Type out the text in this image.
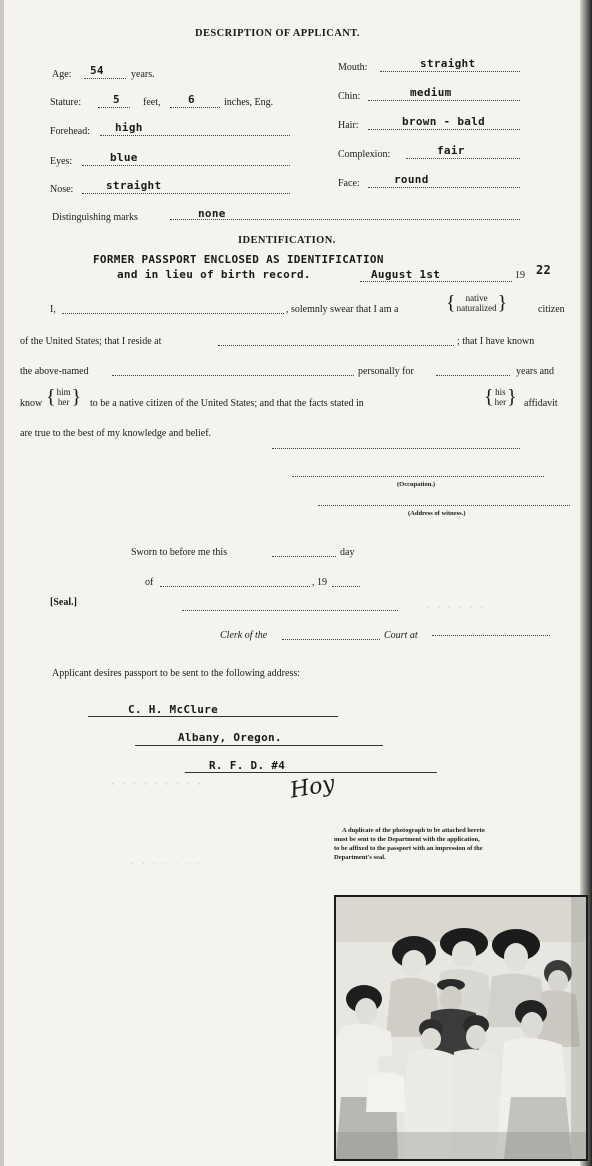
DESCRIPTION OF APPLICANT.
Age: 54	years.
Stature:	5 feet,	6	inches, Eng.
Forehead: high
Eyes:	blue
Nose:	straight
Mouth:	straight
Chin:	medium
Hair:	brown - bald
Complexion:	fair
Face:	round
Distinguishing marks	none
IDENTIFICATION.
FORMER PASSPORT ENCLOSED AS IDENTIFICATION
and in lieu of birth record.	August 1st	19 22
I,	, solemnly swear that I am a {	native
naturalized }	citizen
of the United States; that I reside at	; that I have known
the above-named	personally for	years and
know { him
her } to be a native citizen of the United States; and that the facts stated in	{ his
her } affidavit
are true to the best of my knowledge and belief.
(Occupation.)
(Address of witness.)
Sworn to before me this	day
of	, 19
[Seal.]
Clerk of the	Court at
Applicant desires passport to be sent to the following address:
C. H. McClure
Albany, Oregon.
R. F. D. #4
Hoy
A duplicate of the photograph to be attached hereto
must be sent to the Department with the application,
to be affixed to the passport with an impression of the
Department's seal.
· · · · · ·
· · · ·
· · · · · · · · ·
· · · · · · ·
